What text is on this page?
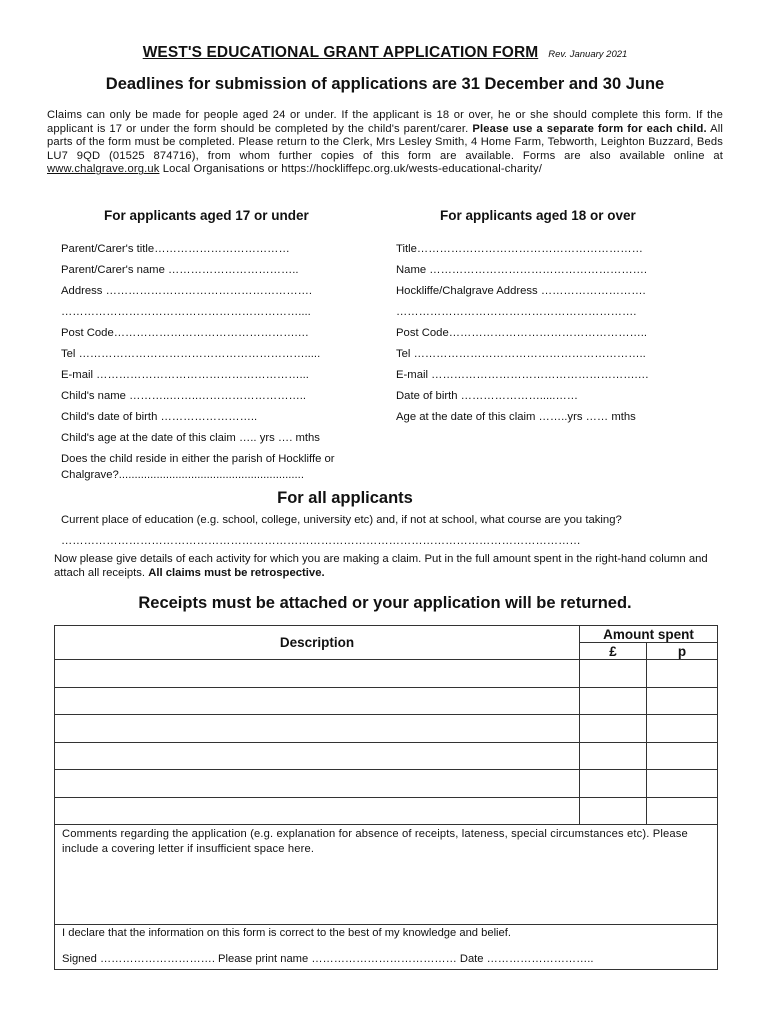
WEST'S EDUCATIONAL GRANT APPLICATION FORM Rev. January 2021
Deadlines for submission of applications are 31 December and 30 June
Claims can only be made for people aged 24 or under. If the applicant is 18 or over, he or she should complete this form. If the applicant is 17 or under the form should be completed by the child's parent/carer. Please use a separate form for each child. All parts of the form must be completed. Please return to the Clerk, Mrs Lesley Smith, 4 Home Farm, Tebworth, Leighton Buzzard, Beds LU7 9QD (01525 874716), from whom further copies of this form are available. Forms are also available online at www.chalgrave.org.uk Local Organisations or https://hockliffepc.org.uk/wests-educational-charity/
For applicants aged 17 or under	For applicants aged 18 or over
Parent/Carer's title………………………………
Parent/Carer's name ……………………………..
Address ……………………………………………….
………………………………………………………....
Post Code………………………………………….…
Tel …………………………………………………….....
E-mail ………………………………………………...
Child's name ………..……..………………………..
Child's date of birth ……………………..
Child's age at the date of this claim ….. yrs …. mths
Does the child reside in either the parish of Hockliffe or Chalgrave?...........................................................
Title……………………………………………………
Name ………………………………………………….
Hockliffe/Chalgrave Address ……………………….
……………………………………………………….
Post Code……………………………………………..
Tel ……………………………………………………..
E-mail ……………………………………………….…
Date of birth ………………….....……
Age at the date of this claim ……..yrs …… mths
For all applicants
Current place of education (e.g. school, college, university etc) and, if not at school, what course are you taking?
…………………………………………………………………………………………………………………………
Now please give details of each activity for which you are making a claim. Put in the full amount spent in the right-hand column and attach all receipts. All claims must be retrospective.
Receipts must be attached or your application will be returned.
Description	Amount spent	
	£	p

Comments regarding the application (e.g. explanation for absence of receipts, lateness, special circumstances etc). Please include a covering letter if insufficient space here.		

I declare that the information on this form is correct to the best of my knowledge and belief.
Signed …………………………. Please print name ………………………………… Date ………………………..		
